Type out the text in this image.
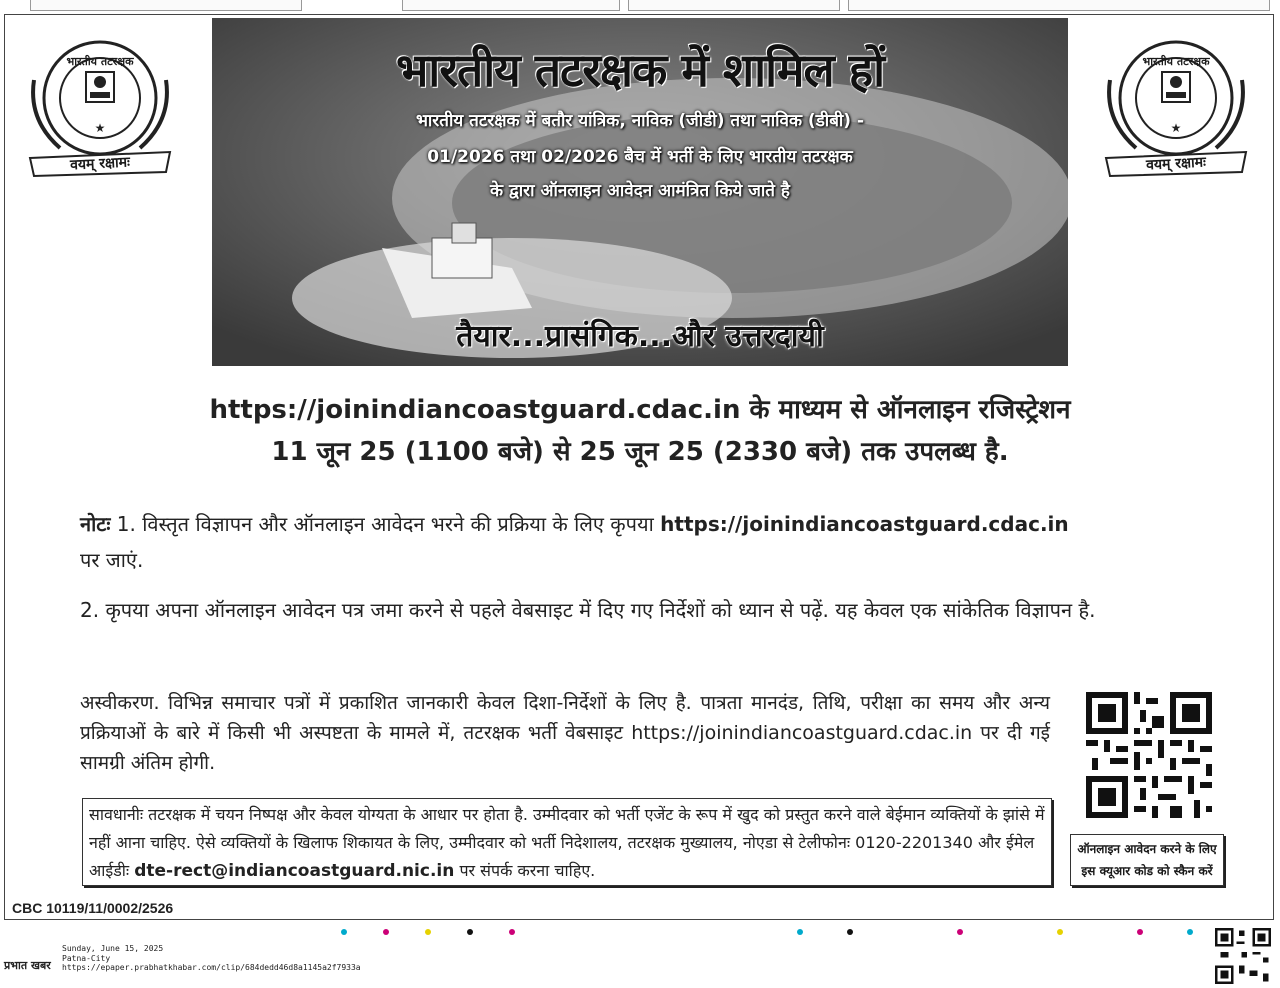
★
वयम् रक्षामः
भारतीय तटरक्षक
★
वयम् रक्षामः
भारतीय तटरक्षक
भारतीय तटरक्षक में शामिल हों
भारतीय तटरक्षक में बतौर यांत्रिक, नाविक (जीडी) तथा नाविक (डीबी) -
01/2026 तथा 02/2026 बैच में भर्ती के लिए भारतीय तटरक्षक
के द्वारा ऑनलाइन आवेदन आमंत्रित किये जाते है
तैयार...प्रासंगिक...और उत्तरदायी
https://joinindiancoastguard.cdac.in के माध्यम से ऑनलाइन रजिस्ट्रेशन
11 जून 25 (1100 बजे) से 25 जून 25 (2330 बजे) तक उपलब्ध है.
नोटः 1. विस्तृत विज्ञापन और ऑनलाइन आवेदन भरने की प्रक्रिया के लिए कृपया https://joinindiancoastguard.cdac.in
पर जाएं.
2. कृपया अपना ऑनलाइन आवेदन पत्र जमा करने से पहले वेबसाइट में दिए गए निर्देशों को ध्यान से पढ़ें. यह केवल एक सांकेतिक विज्ञापन है.
अस्वीकरण. विभिन्न समाचार पत्रों में प्रकाशित जानकारी केवल दिशा-निर्देशों के लिए है. पात्रता मानदंड, तिथि, परीक्षा का समय और अन्य प्रक्रियाओं के बारे में किसी भी अस्पष्टता के मामले में, तटरक्षक भर्ती वेबसाइट https://joinindiancoastguard.cdac.in पर दी गई सामग्री अंतिम होगी.
सावधानीः तटरक्षक में चयन निष्पक्ष और केवल योग्यता के आधार पर होता है. उम्मीदवार को भर्ती एजेंट के रूप में खुद को प्रस्तुत करने वाले बेईमान व्यक्तियों के झांसे में नहीं आना चाहिए. ऐसे व्यक्तियों के खिलाफ शिकायत के लिए, उम्मीदवार को भर्ती निदेशालय, तटरक्षक मुख्यालय, नोएडा से टेलीफोनः 0120-2201340 और ईमेल आईडीः dte-rect@indiancoastguard.nic.in पर संपर्क करना चाहिए.
ऑनलाइन आवेदन करने के लिए
इस क्यूआर कोड को स्कैन करें
CBC 10119/11/0002/2526
प्रभात खबर
Sunday, June 15, 2025
Patna-City
https://epaper.prabhatkhabar.com/clip/684dedd46d8a1145a2f7933a
